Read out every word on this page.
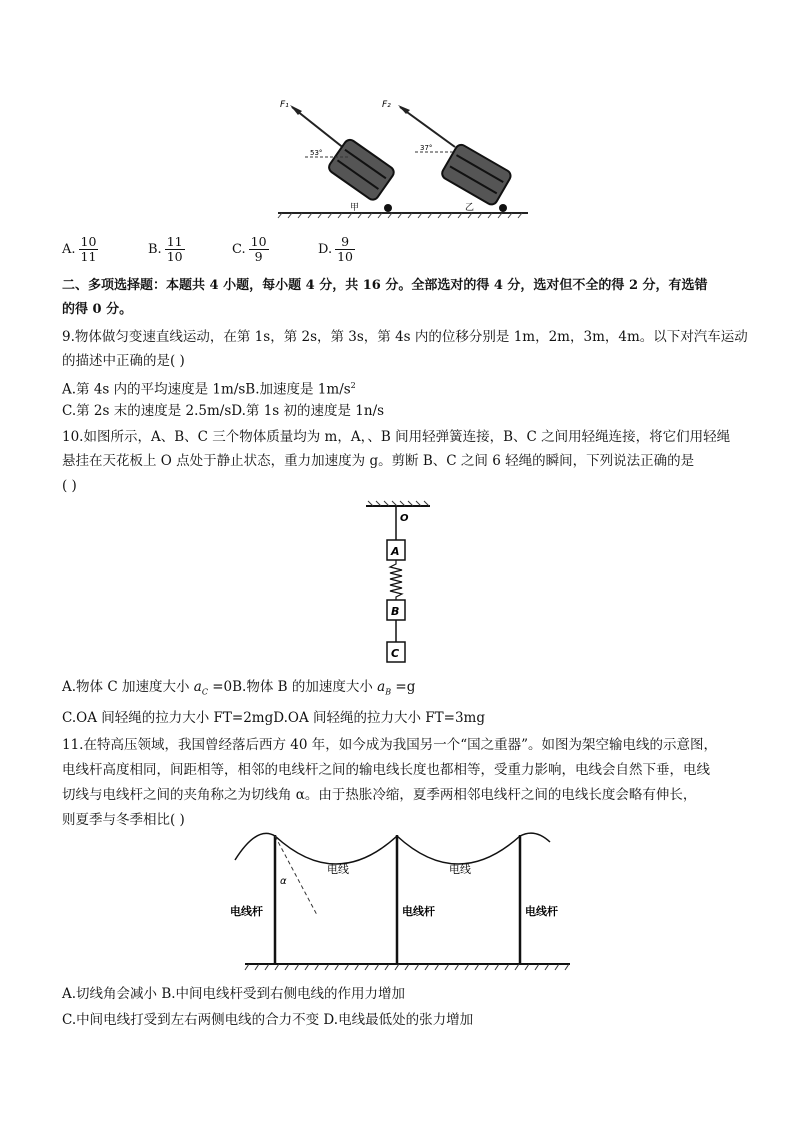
F₁	F₂
53°
37°
甲	乙
A. $\frac{10}{11}$	B. $\frac{11}{10}$	C. $\frac{10}{9}$	D. $\frac{9}{10}$
二、多项选择题：本题共 4 小题，每小题 4 分，共 16 分。全部选对的得 4 分，选对但不全的得 2 分，有选错
的得 0 分。
9.物体做匀变速直线运动，在第 1s，第 2s，第 3s，第 4s 内的位移分别是 1m，2m，3m，4m。以下对汽车运动
的描述中正确的是( )
A.第 4s 内的平均速度是 1m/sB.加速度是 $1m/s^2$
C.第 2s 末的速度是 2.5m/sD.第 1s 初的速度是 1n/s
10.如图所示，A、B、C 三个物体质量均为 m，A，、B 间用轻弹簧连接，B、C 之间用轻绳连接，将它们用轻绳
悬挂在天花板上 O 点处于静止状态，重力加速度为 g。剪断 B、C 之间 6 轻绳的瞬间，下列说法正确的是
( )
O
A
B
C
A.物体 C 加速度大小 $a_C =0B$.物体 B 的加速度大小 $a_B =g$
C.OA 间轻绳的拉力大小 FT=2mgD.OA 间轻绳的拉力大小 FT=3mg
11.在特高压领域，我国曾经落后西方 40 年，如今成为我国另一个“国之重器”。如图为架空输电线的示意图，
电线杆高度相同，间距相等，相邻的电线杆之间的输电线长度也都相等，受重力影响，电线会自然下垂，电线
切线与电线杆之间的夹角称之为切线角 α。由于热胀冷缩，夏季两相邻电线杆之间的电线长度会略有伸长，
则夏季与冬季相比( )
α
电线	电线
电线杆	电线杆	电线杆
A.切线角会减小 B.中间电线杆受到右侧电线的作用力增加
C.中间电线打受到左右两侧电线的合力不变 D.电线最低处的张力增加
